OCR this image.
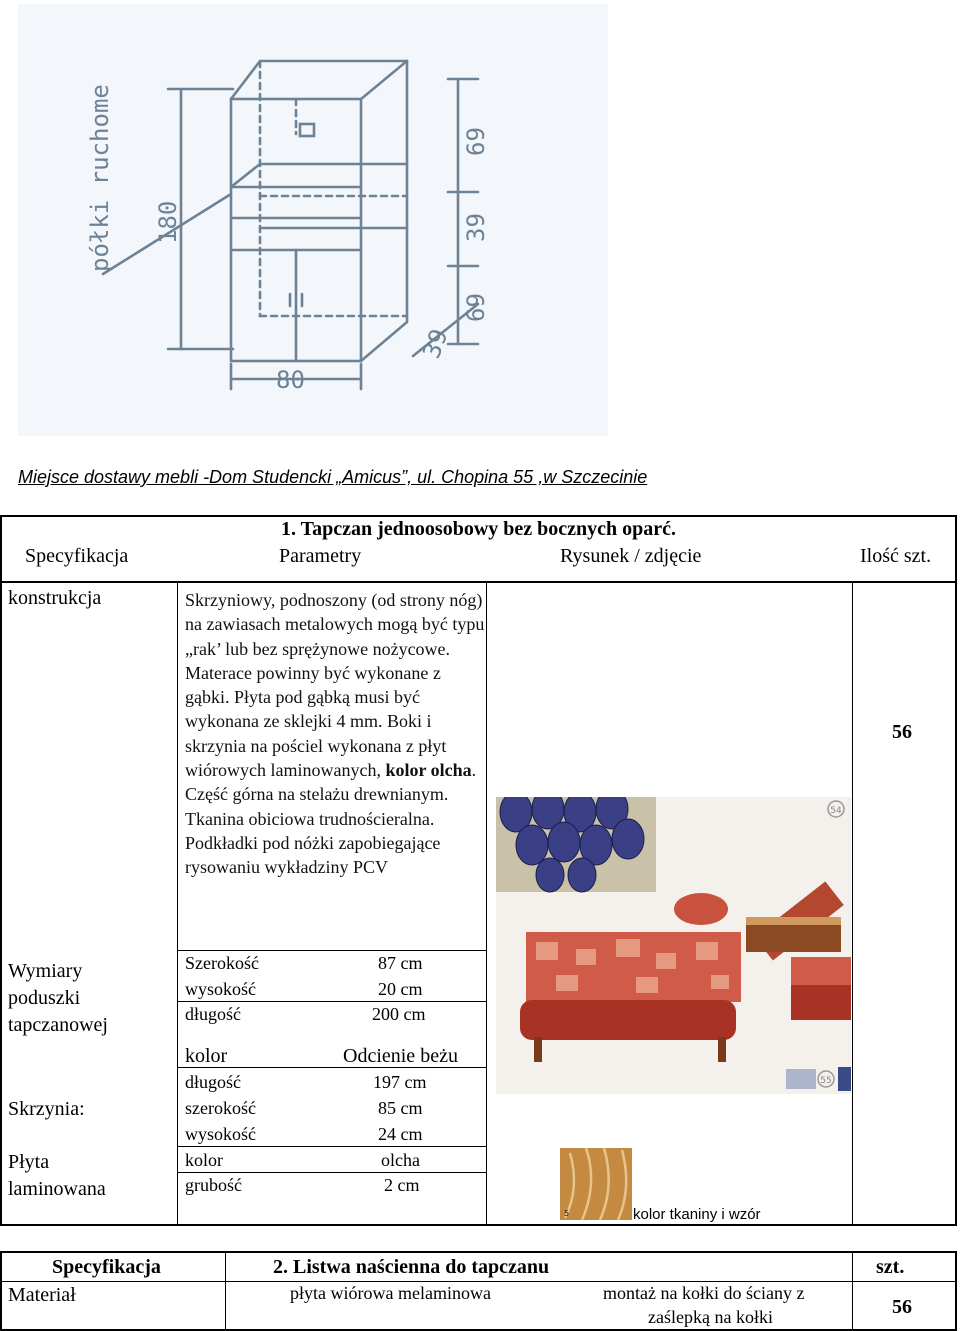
półki ruchome 180
80
39
69
39
69
Miejsce dostawy mebli -Dom Studencki „Amicus”, ul. Chopina 55 ,w Szczecinie
1. Tapczan jednoosobowy bez bocznych oparć.
Specyfikacja	Parametry	Rysunek / zdjęcie	Ilość szt.
konstrukcja
Wymiary
poduszki
tapczanowej
Skrzynia:
Płyta
laminowana
Skrzyniowy, podnoszony (od strony nóg) na zawiasach metalowych mogą być typu „rak’ lub bez sprężynowe nożycowe. Materace powinny być wykonane z gąbki. Płyta pod gąbką musi być wykonana ze sklejki 4 mm. Boki i skrzynia na pościel wykonana z płyt wiórowych laminowanych, kolor olcha. Część górna na stelażu drewnianym. Tkanina obiciowa trudnościeralna. Podkładki pod nóżki zapobiegające rysowaniu wykładziny PCV
Szerokość	87 cm
wysokość	20 cm
długość	200 cm
kolor	Odcienie beżu
długość	197 cm
szerokość	85 cm
wysokość	24 cm
kolor	olcha
grubość	2 cm
56
54
55
5	kolor tkaniny i wzór
Specyfikacja	2. Listwa naścienna do tapczanu	szt.
Materiał	płyta wiórowa melaminowa	montaż na kołki do ściany z
zaślepką na kołki	56
